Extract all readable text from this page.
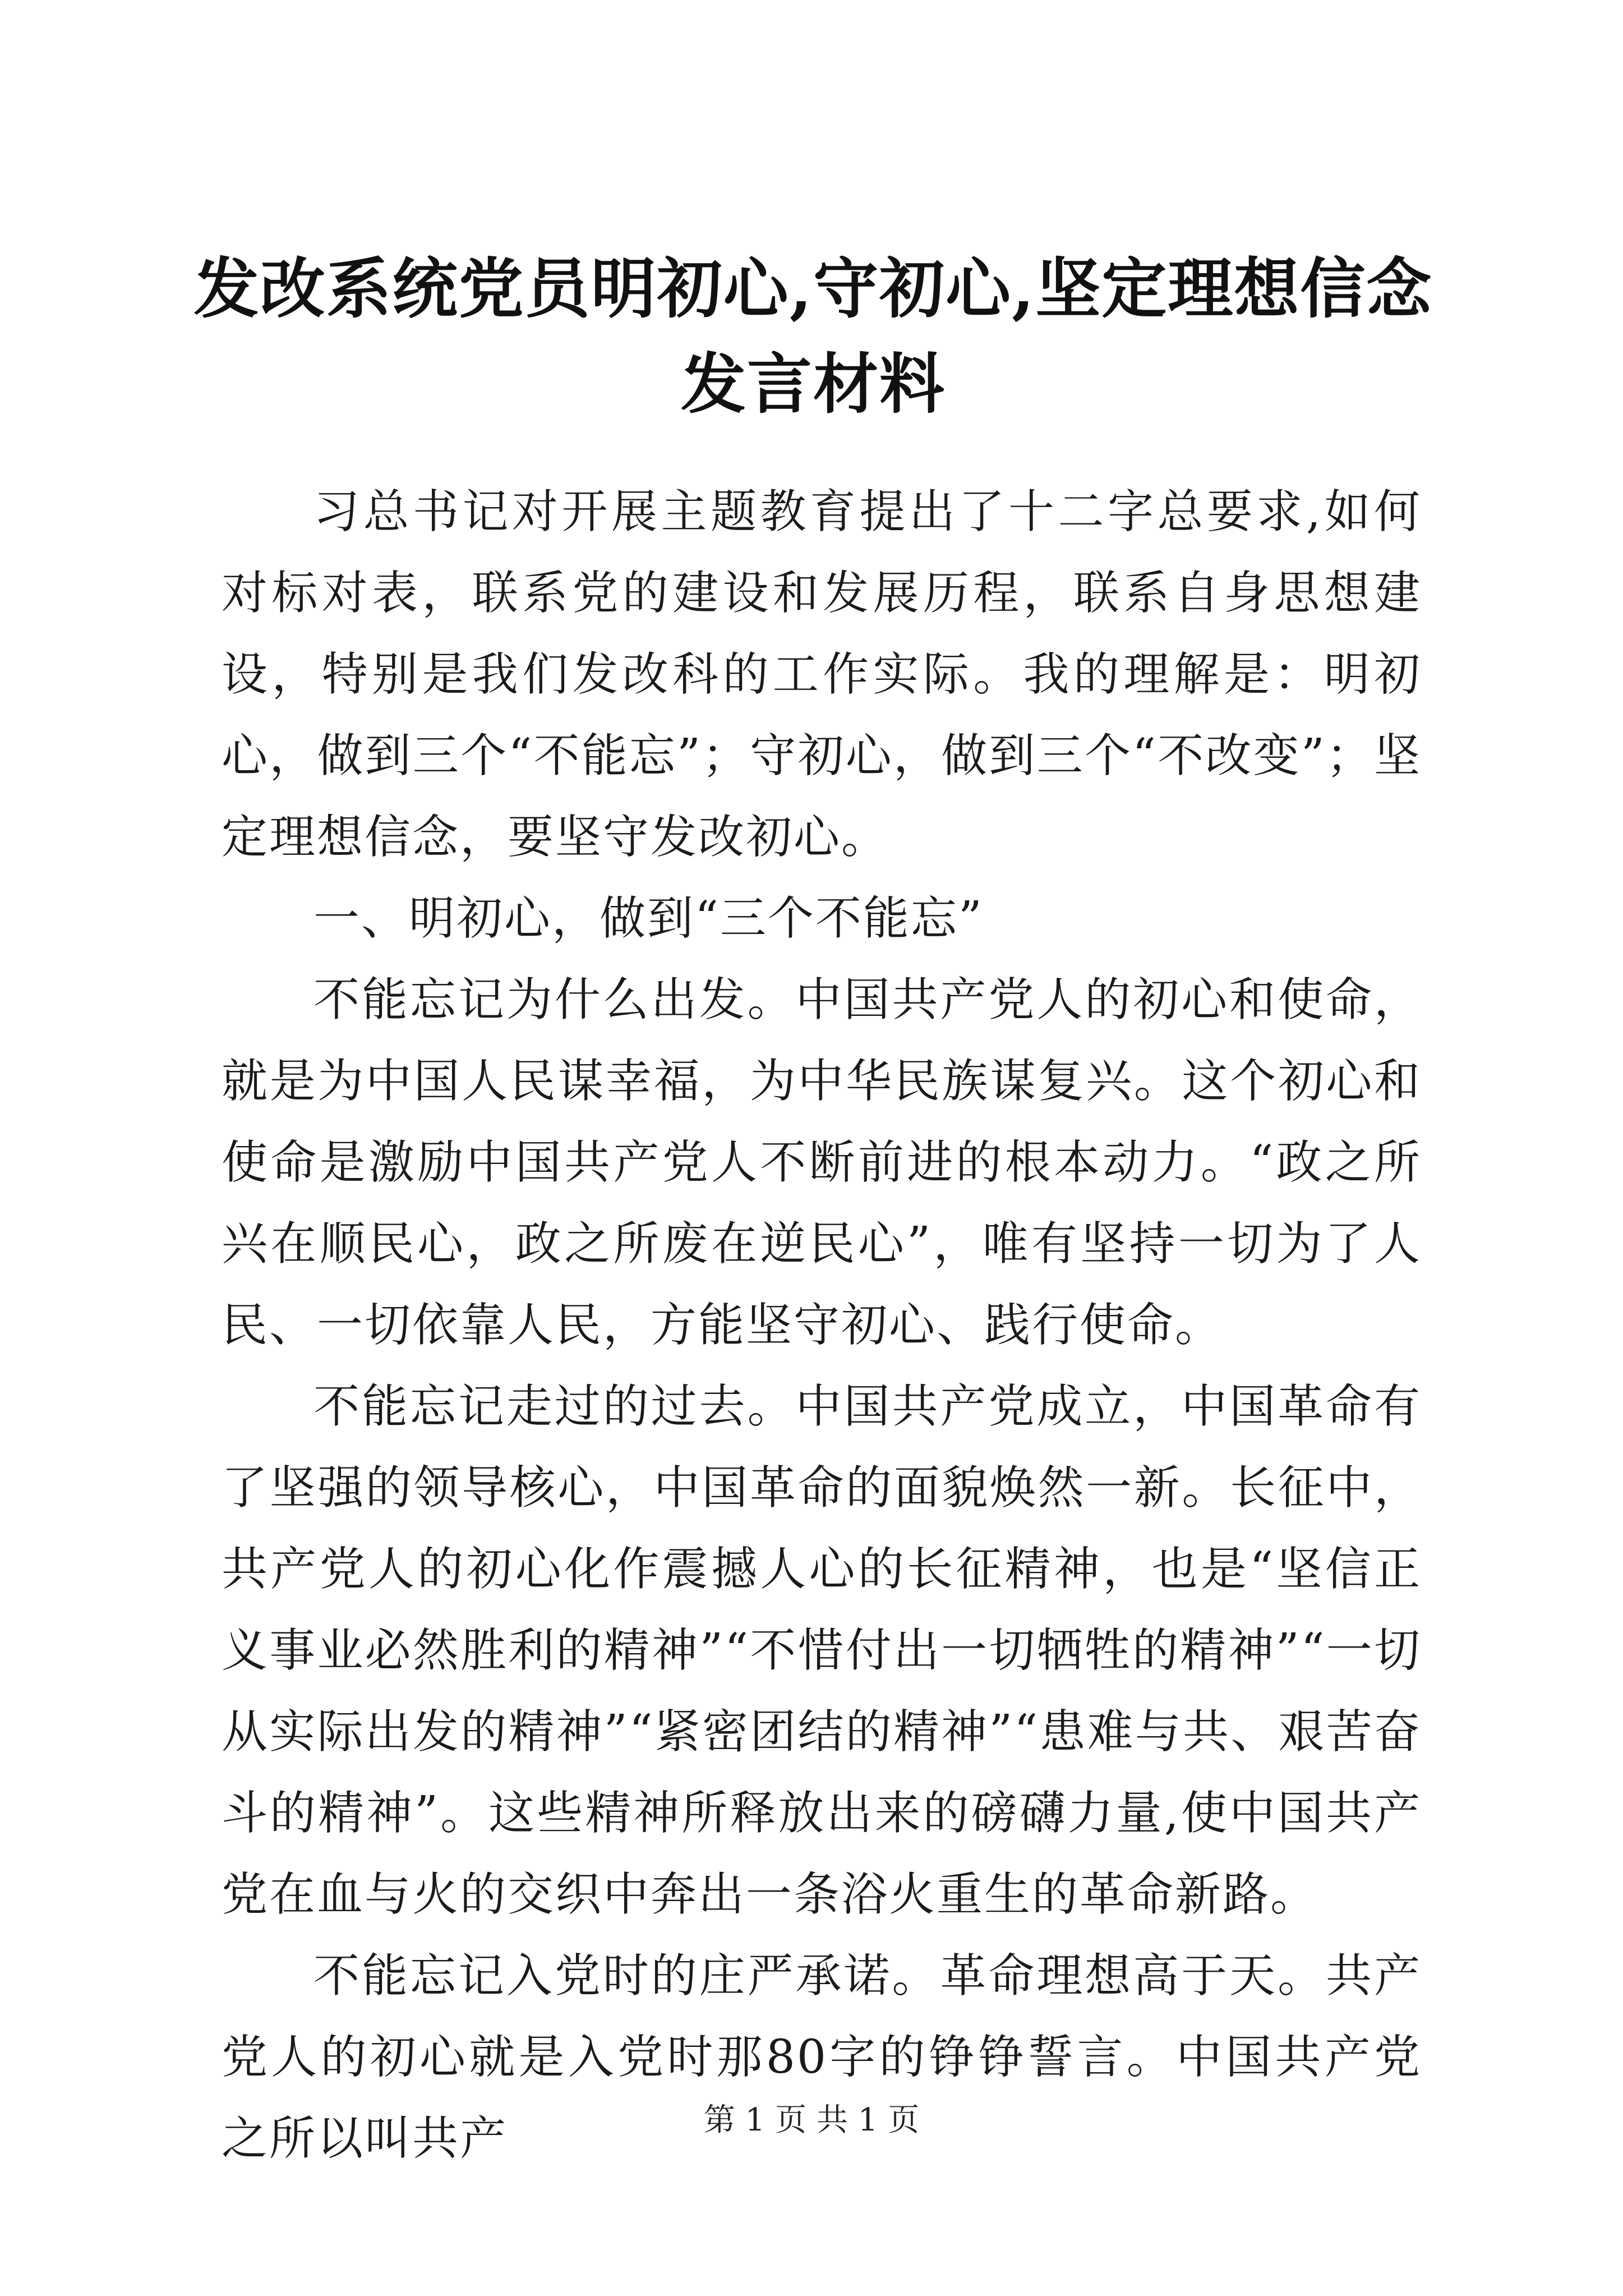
发改系统党员明初心,守初心,坚定理想信念发言材料

习总书记对开展主题教育提出了十二字总要求,如何对标对表，联系党的建设和发展历程，联系自身思想建设，特别是我们发改科的工作实际。我的理解是：明初心，做到三个“不能忘”；守初心，做到三个“不改变”；坚定理想信念，要坚守发改初心。

一、明初心，做到“三个不能忘”

不能忘记为什么出发。中国共产党人的初心和使命，就是为中国人民谋幸福，为中华民族谋复兴。这个初心和使命是激励中国共产党人不断前进的根本动力。“政之所兴在顺民心，政之所废在逆民心”，唯有坚持一切为了人民、一切依靠人民，方能坚守初心、践行使命。

不能忘记走过的过去。中国共产党成立，中国革命有了坚强的领导核心，中国革命的面貌焕然一新。长征中，共产党人的初心化作震撼人心的长征精神，也是“坚信正义事业必然胜利的精神”“不惜付出一切牺牲的精神”“一切从实际出发的精神”“紧密团结的精神”“患难与共、艰苦奋斗的精神”。这些精神所释放出来的磅礴力量,使中国共产党在血与火的交织中奔出一条浴火重生的革命新路。

不能忘记入党时的庄严承诺。革命理想高于天。共产党人的初心就是入党时那80字的铮铮誓言。中国共产党之所以叫共产	第 1 页 共 1 页
